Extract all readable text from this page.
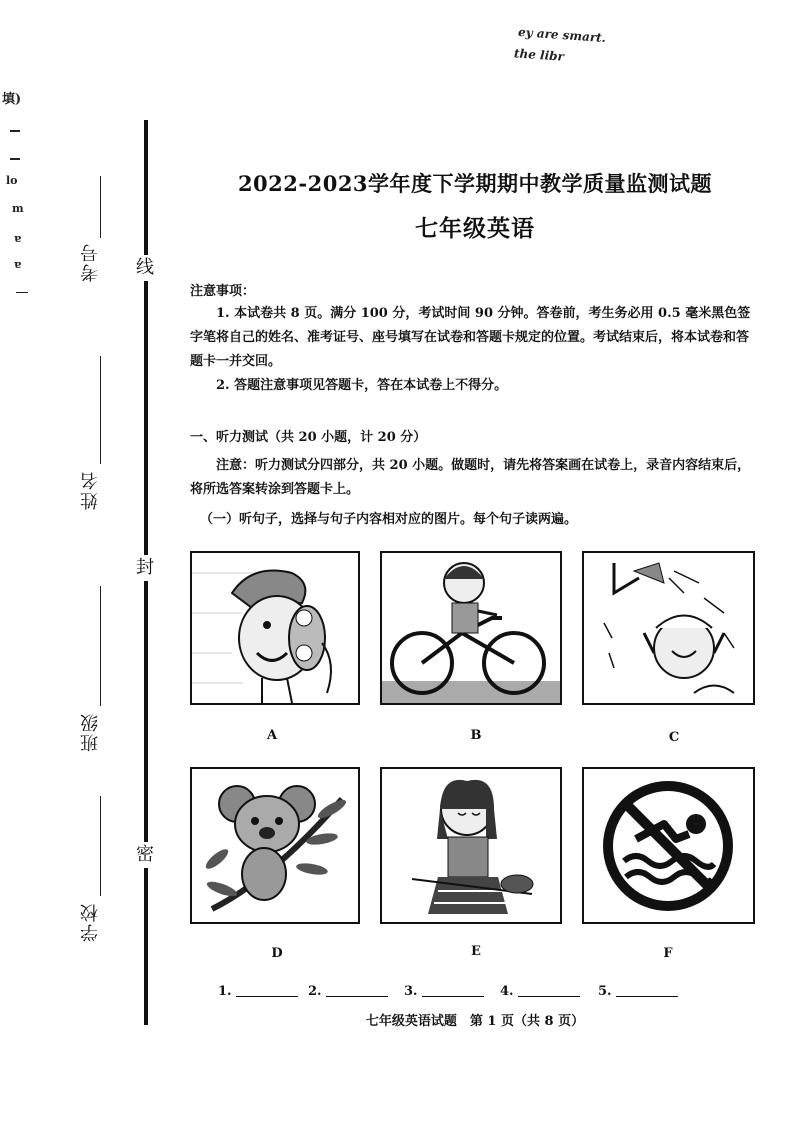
ey are smart.
the libr
填)
lo
m
ɐ
ɐ	线
封
密
考号
姓名
班级
学校
2022-2023学年度下学期期中教学质量监测试题
七年级英语
注意事项：
1. 本试卷共 8 页。满分 100 分，考试时间 90 分钟。答卷前，考生务必用 0.5 毫米黑色签字笔将自己的姓名、准考证号、座号填写在试卷和答题卡规定的位置。考试结束后，将本试卷和答题卡一并交回。
2. 答题注意事项见答题卡，答在本试卷上不得分。
一、听力测试（共 20 小题，计 20 分）
注意：听力测试分四部分，共 20 小题。做题时，请先将答案画在试卷上，录音内容结束后，将所选答案转涂到答题卡上。
（一）听句子，选择与句子内容相对应的图片。每个句子读两遍。
A	B	C
D	E	F
1.	2.	3.	4.	5.
七年级英语试题　第 1 页（共 8 页）
